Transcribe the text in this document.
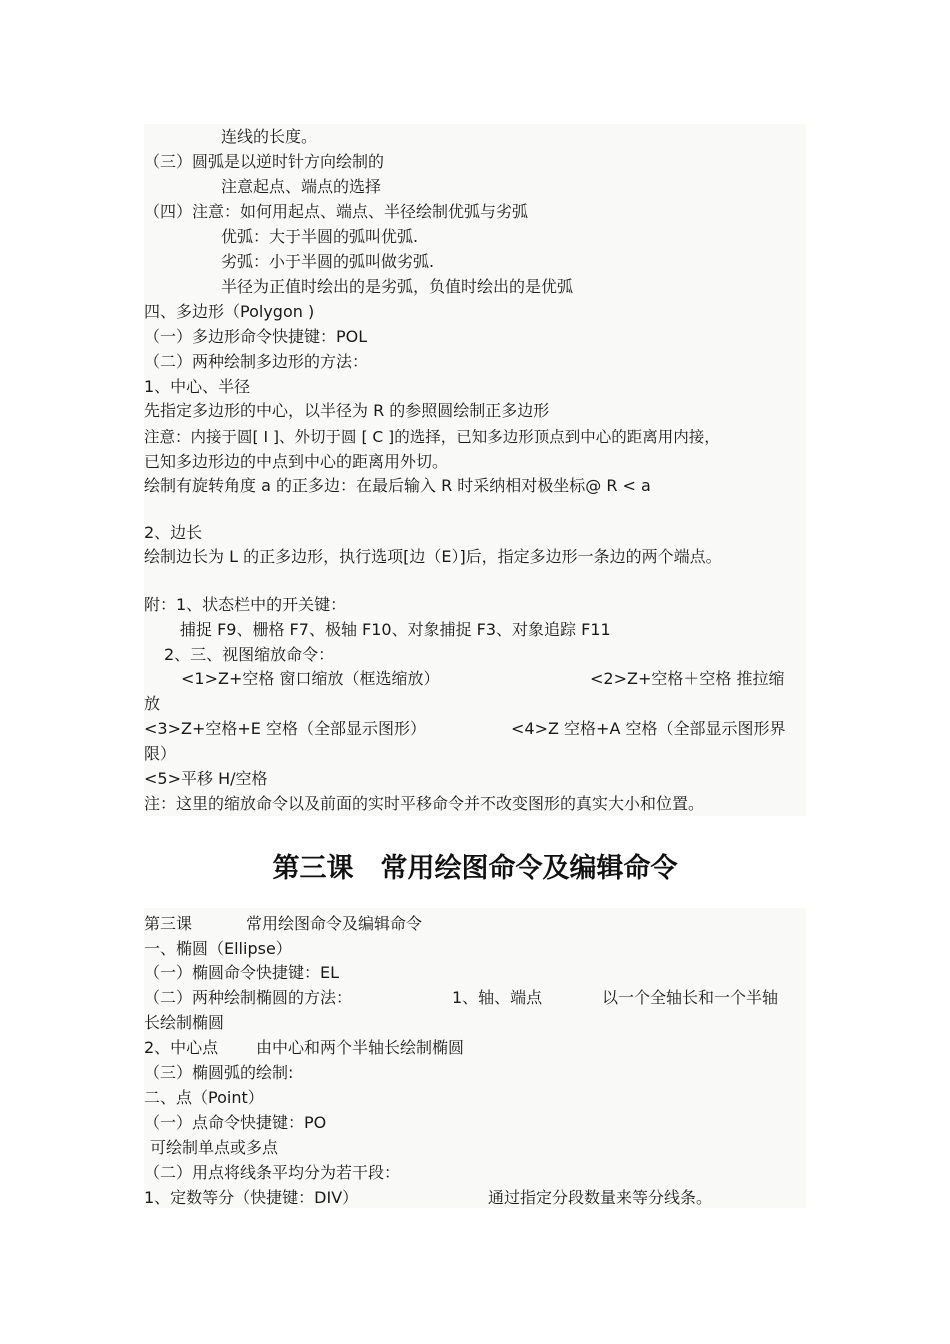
连线的长度。
（三）圆弧是以逆时针方向绘制的
注意起点、端点的选择
（四）注意：如何用起点、端点、半径绘制优弧与劣弧
优弧：大于半圆的弧叫优弧.
劣弧：小于半圆的弧叫做劣弧.
半径为正值时绘出的是劣弧，负值时绘出的是优弧
四、多边形（Polygon )
（一）多边形命令快捷键：POL
（二）两种绘制多边形的方法：
1、中心、半径
先指定多边形的中心，以半径为 R 的参照圆绘制正多边形
注意：内接于圆[ I ]、外切于圆 [ C ]的选择，已知多边形顶点到中心的距离用内接，
已知多边形边的中点到中心的距离用外切。
绘制有旋转角度 a 的正多边：在最后输入 R 时采纳相对极坐标@ R < a
2、边长
绘制边长为 L 的正多边形，执行选项[边（E）]后，指定多边形一条边的两个端点。
附：1、状态栏中的开关键：
捕捉 F9、栅格 F7、极轴 F10、对象捕捉 F3、对象追踪 F11
2、三、视图缩放命令：
<1>Z+空格 窗口缩放（框选缩放）	<2>Z+空格＋空格 推拉缩
放
<3>Z+空格+E 空格（全部显示图形）	<4>Z 空格+A 空格（全部显示图形界
限）
<5>平移 H/空格
注：这里的缩放命令以及前面的实时平移命令并不改变图形的真实大小和位置。
第三课　常用绘图命令及编辑命令
第三课	常用绘图命令及编辑命令
一、椭圆（Ellipse）
（一）椭圆命令快捷键：EL
（二）两种绘制椭圆的方法：	1、轴、端点	以一个全轴长和一个半轴
长绘制椭圆
2、中心点 由中心和两个半轴长绘制椭圆
（三）椭圆弧的绘制:
二、点（Point）
（一）点命令快捷键：PO
可绘制单点或多点
（二）用点将线条平均分为若干段：
1、定数等分（快捷键：DIV）	通过指定分段数量来等分线条。
